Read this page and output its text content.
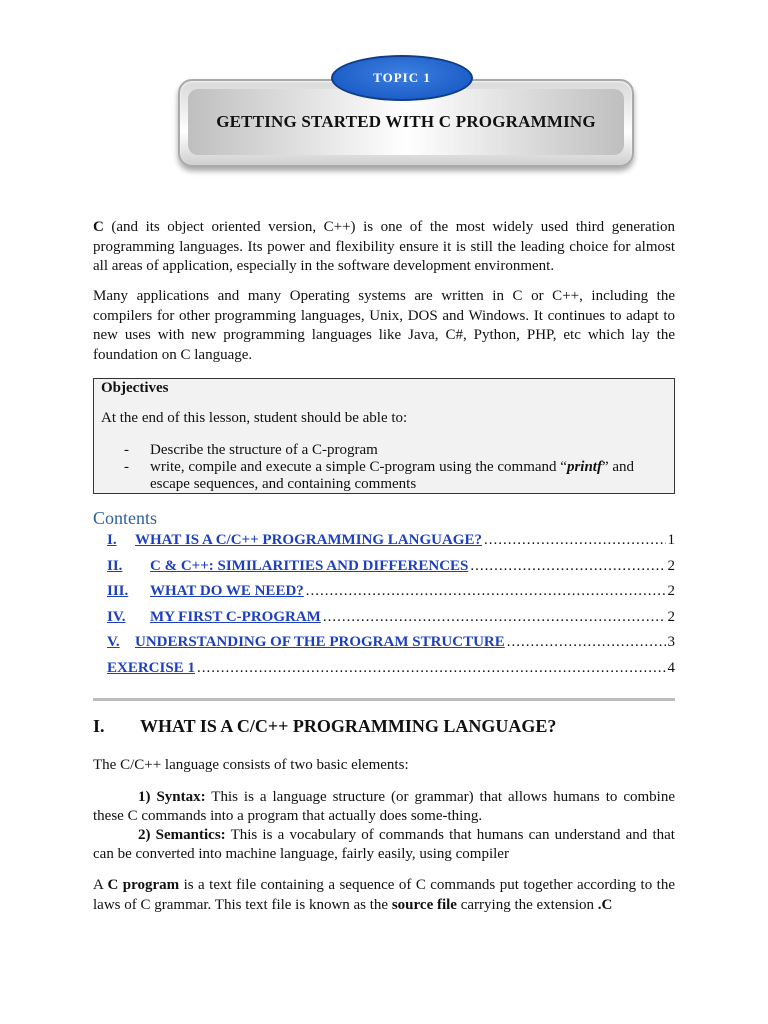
GETTING STARTED WITH C PROGRAMMING
TOPIC 1

C (and its object oriented version, C++) is one of the most widely used third generation programming languages. Its power and flexibility ensure it is still the leading choice for almost all areas of application, especially in the software development environment.

Many applications and many Operating systems are written in C or C++, including the compilers for other programming languages, Unix, DOS and Windows. It continues to adapt to new uses with new programming languages like Java, C#, Python, PHP, etc which lay the foundation on C language.

Objectives
At the end of this lesson, student should be able to:
- Describe the structure of a C-program
- write, compile and execute a simple C-program using the command “printf” and escape sequences, and containing comments
Contents
I.	WHAT IS A C/C++ PROGRAMMING LANGUAGE? .....	1
II.	C & C++: SIMILARITIES AND DIFFERENCES .....	2
III.	WHAT DO WE NEED? .....	2
IV.	MY FIRST C-PROGRAM .....	2
V.	UNDERSTANDING OF THE PROGRAM STRUCTURE .....	3
EXERCISE 1 .....	4
I. WHAT IS A C/C++ PROGRAMMING LANGUAGE?

The C/C++ language consists of two basic elements:

1) Syntax: This is a language structure (or grammar) that allows humans to combine these C commands into a program that actually does some-thing.

2) Semantics: This is a vocabulary of commands that humans can understand and that can be converted into machine language, fairly easily, using compiler

A C program is a text file containing a sequence of C commands put together according to the laws of C grammar. This text file is known as the source file carrying the extension .C
